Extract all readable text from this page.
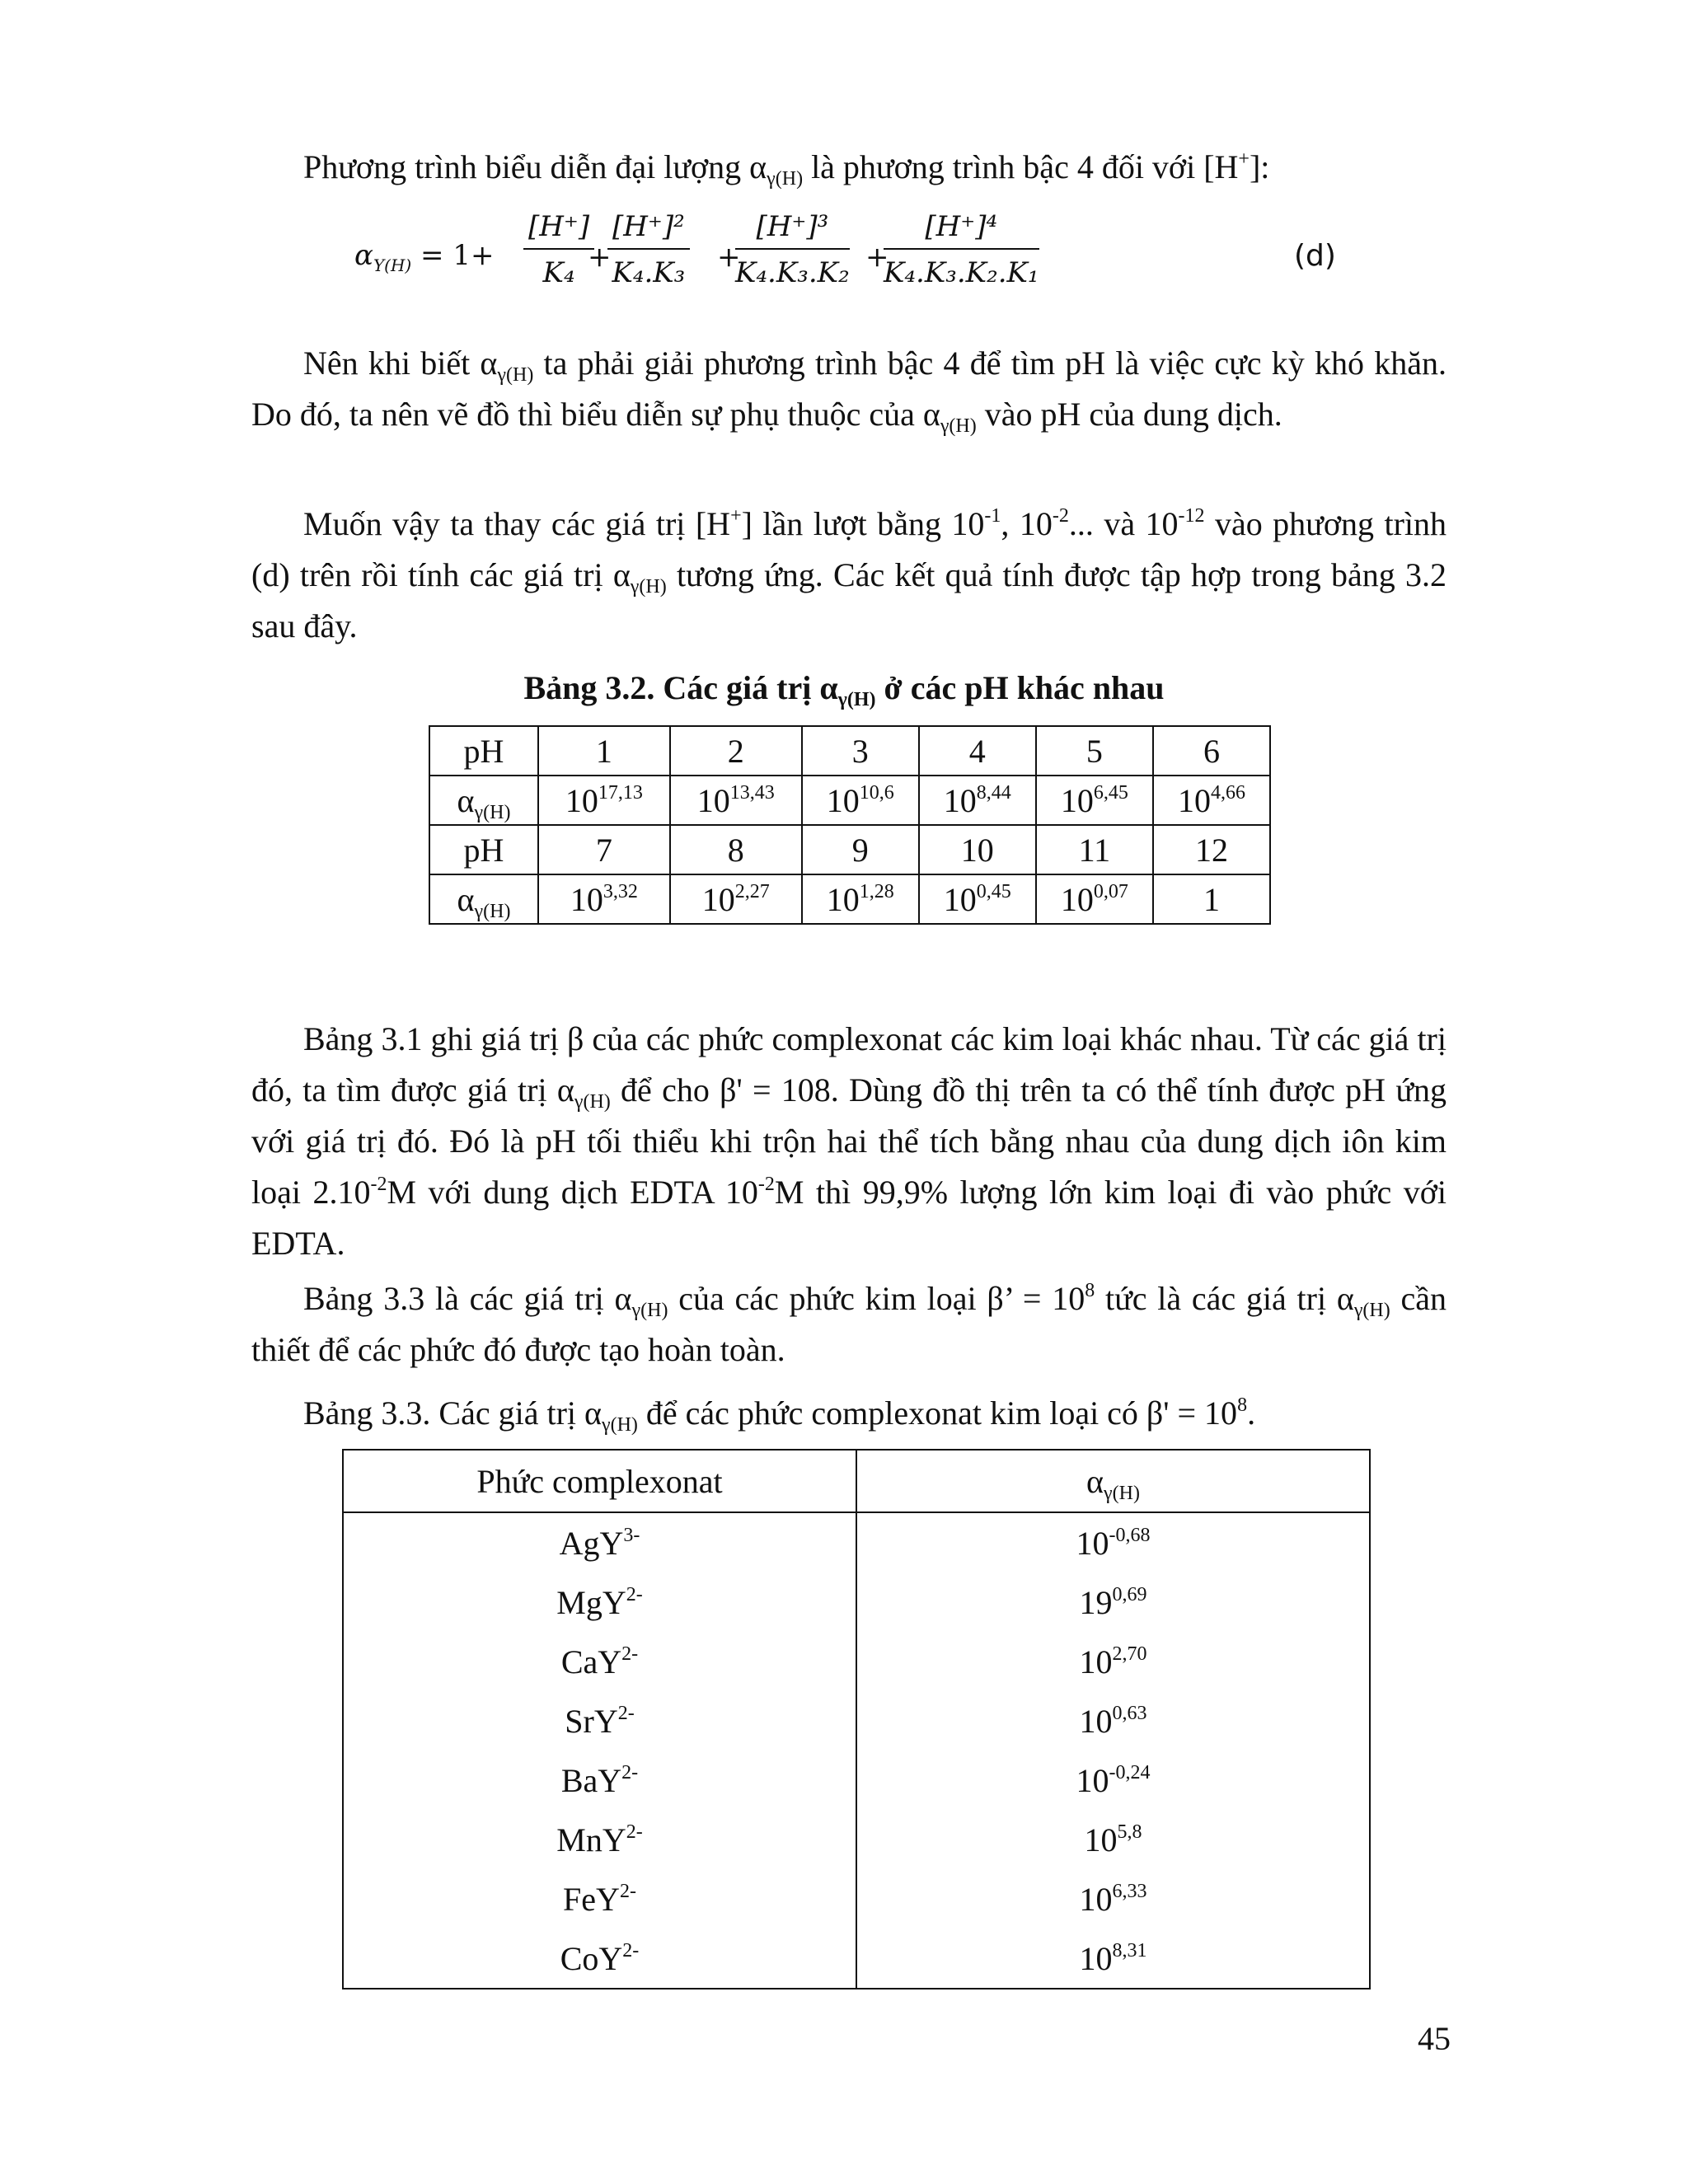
Phương trình biểu diễn đại lượng $\alpha_{\gamma(H)}$ là phương trình bậc 4 đối với [H+]:

$\alpha_{Y(H)} = 1+ \frac{[H^+]}{\text{K₄}}$
+
$\frac{\text{[H⁺]²}}{\text{K₄.K₃}}$ +
$\frac{\text{[H⁺]³}}{\text{K₄.K₃.K₂}}$ +
$\frac{\text{[H⁺]⁴}}{\text{K₄.K₃.K₂.K₁}}$	(d)

Nên khi biết $\alpha_{\gamma(H)}$ ta phải giải phương trình bậc 4 để tìm pH là việc cực kỳ khó khăn. Do đó, ta nên vẽ đồ thì biểu diễn sự phụ thuộc của $\alpha_{\gamma(H)}$ vào pH của dung dịch.

Muốn vậy ta thay các giá trị [H+] lần lượt bằng $10^{-1}$, $10^{-2}$... và $10^{-12}$ vào phương trình (d) trên rồi tính các giá trị $\alpha_{\gamma(H)}$ tương ứng. Các kết quả tính được tập hợp trong bảng 3.2 sau đây.

Bảng 3.2. Các giá trị $\alpha_{\gamma(H)}$ ở các pH khác nhau

pH	1	2	3	4	5	6
$\alpha_{\gamma(H)}$	10$^{17,13}$	10$^{13,43}$	10$^{10,6}$	10$^{8,44}$	10$^{6,45}$	10$^{4,66}$
pH	7	8	9	10	11	12
$\alpha_{\gamma(H)}$	10$^{3,32}$	10$^{2,27}$	10$^{1,28}$	10$^{0,45}$	10$^{0,07}$	1

Bảng 3.1 ghi giá trị β của các phức complexonat các kim loại khác nhau. Từ các giá trị đó, ta tìm được giá trị $\alpha_{\gamma(H)}$ để cho β' = 108. Dùng đồ thị trên ta có thể tính được pH ứng với giá trị đó. Đó là pH tối thiểu khi trộn hai thể tích bằng nhau của dung dịch iôn kim loại $2.10^{-2}M$ với dung dịch EDTA $10^{-2}M$ thì 99,9% lượng lớn kim loại đi vào phức với EDTA.

Bảng 3.3 là các giá trị $\alpha_{\gamma(H)}$ của các phức kim loại β’ = $10^8$ tức là các giá trị $\alpha_{\gamma(H)}$ cần thiết để các phức đó được tạo hoàn toàn.

Bảng 3.3. Các giá trị $\alpha_{\gamma(H)}$ để các phức complexonat kim loại có $\beta' = 10^8$.

Phức complexonat	$\alpha_{\gamma(H)}$
AgY$^{3-}$	$10^{-0,68}$
MgY$^{2-}$	19$^{0,69}$
CaY$^{2-}$	10$^{2,70}$
SrY$^{2-}$	10$^{0,63}$
BaY$^{2-}$	$10^{-0,24}$
MnY$^{2-}$	10$^{5,8}$
FeY$^{2-}$	10$^{6,33}$
CoY$^{2-}$	10$^{8,31}$
45
